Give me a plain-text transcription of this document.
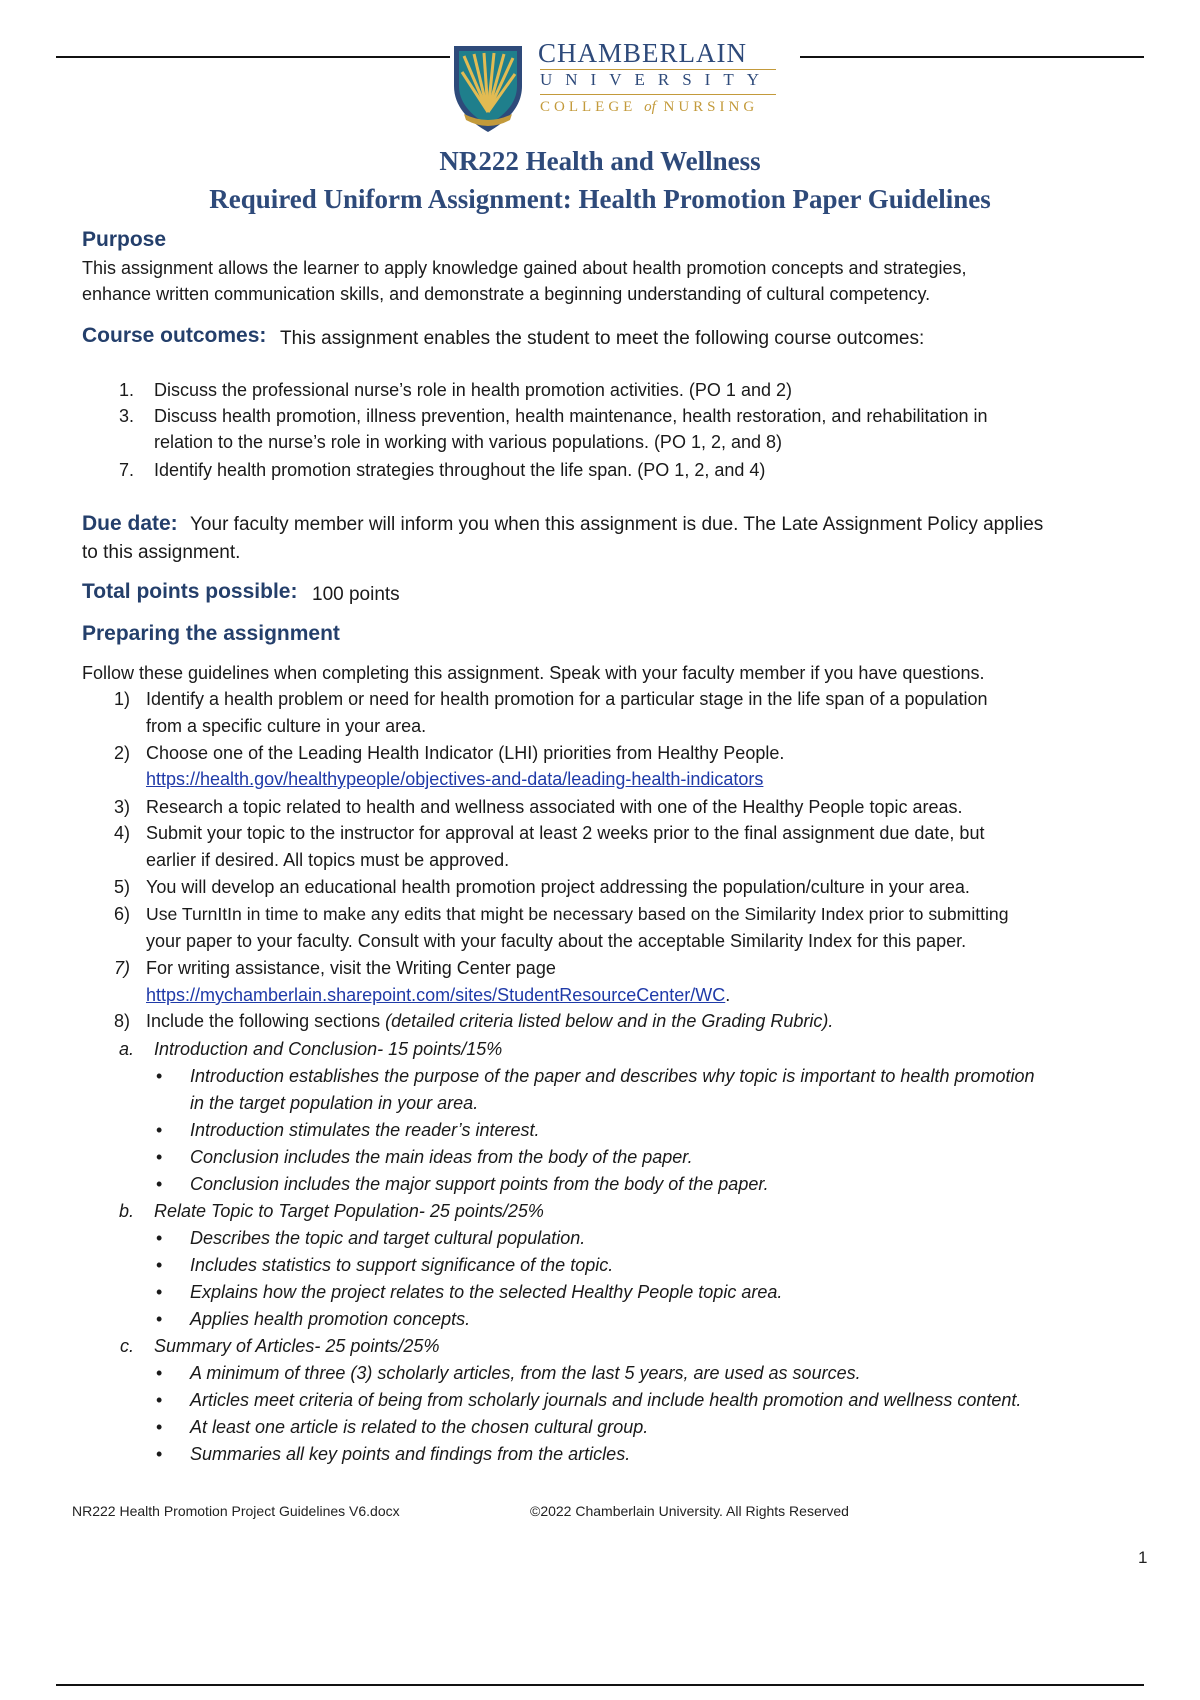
CHAMBERLAIN
UNIVERSITY
COLLEGE of NURSING
NR222 Health and Wellness
Required Uniform Assignment: Health Promotion Paper Guidelines
Purpose
This assignment allows the learner to apply knowledge gained about health promotion concepts and strategies,
enhance written communication skills, and demonstrate a beginning understanding of cultural competency.
Course outcomes: This assignment enables the student to meet the following course outcomes:
1. Discuss the professional nurse’s role in health promotion activities. (PO 1 and 2)
3. Discuss health promotion, illness prevention, health maintenance, health restoration, and rehabilitation in
relation to the nurse’s role in working with various populations. (PO 1, 2, and 8)
7. Identify health promotion strategies throughout the life span. (PO 1, 2, and 4)
Due date: Your faculty member will inform you when this assignment is due. The Late Assignment Policy applies
to this assignment.
Total points possible: 100 points
Preparing the assignment
Follow these guidelines when completing this assignment. Speak with your faculty member if you have questions.
1) Identify a health problem or need for health promotion for a particular stage in the life span of a population
from a specific culture in your area.
2) Choose one of the Leading Health Indicator (LHI) priorities from Healthy People.
https://health.gov/healthypeople/objectives-and-data/leading-health-indicators
3) Research a topic related to health and wellness associated with one of the Healthy People topic areas.
4) Submit your topic to the instructor for approval at least 2 weeks prior to the final assignment due date, but
earlier if desired. All topics must be approved.
5) You will develop an educational health promotion project addressing the population/culture in your area.
6) Use TurnItIn in time to make any edits that might be necessary based on the Similarity Index prior to submitting
your paper to your faculty. Consult with your faculty about the acceptable Similarity Index for this paper.
7) For writing assistance, visit the Writing Center page
https://mychamberlain.sharepoint.com/sites/StudentResourceCenter/WC.
8) Include the following sections (detailed criteria listed below and in the Grading Rubric).
a. Introduction and Conclusion- 15 points/15%
• Introduction establishes the purpose of the paper and describes why topic is important to health promotion
in the target population in your area.
• Introduction stimulates the reader’s interest.
• Conclusion includes the main ideas from the body of the paper.
• Conclusion includes the major support points from the body of the paper.
b. Relate Topic to Target Population- 25 points/25%
• Describes the topic and target cultural population.
• Includes statistics to support significance of the topic.
• Explains how the project relates to the selected Healthy People topic area.
• Applies health promotion concepts.
c. Summary of Articles- 25 points/25%
• A minimum of three (3) scholarly articles, from the last 5 years, are used as sources.
• Articles meet criteria of being from scholarly journals and include health promotion and wellness content.
• At least one article is related to the chosen cultural group.
• Summaries all key points and findings from the articles.
NR222 Health Promotion Project Guidelines V6.docx	©2022 Chamberlain University. All Rights Reserved
1
